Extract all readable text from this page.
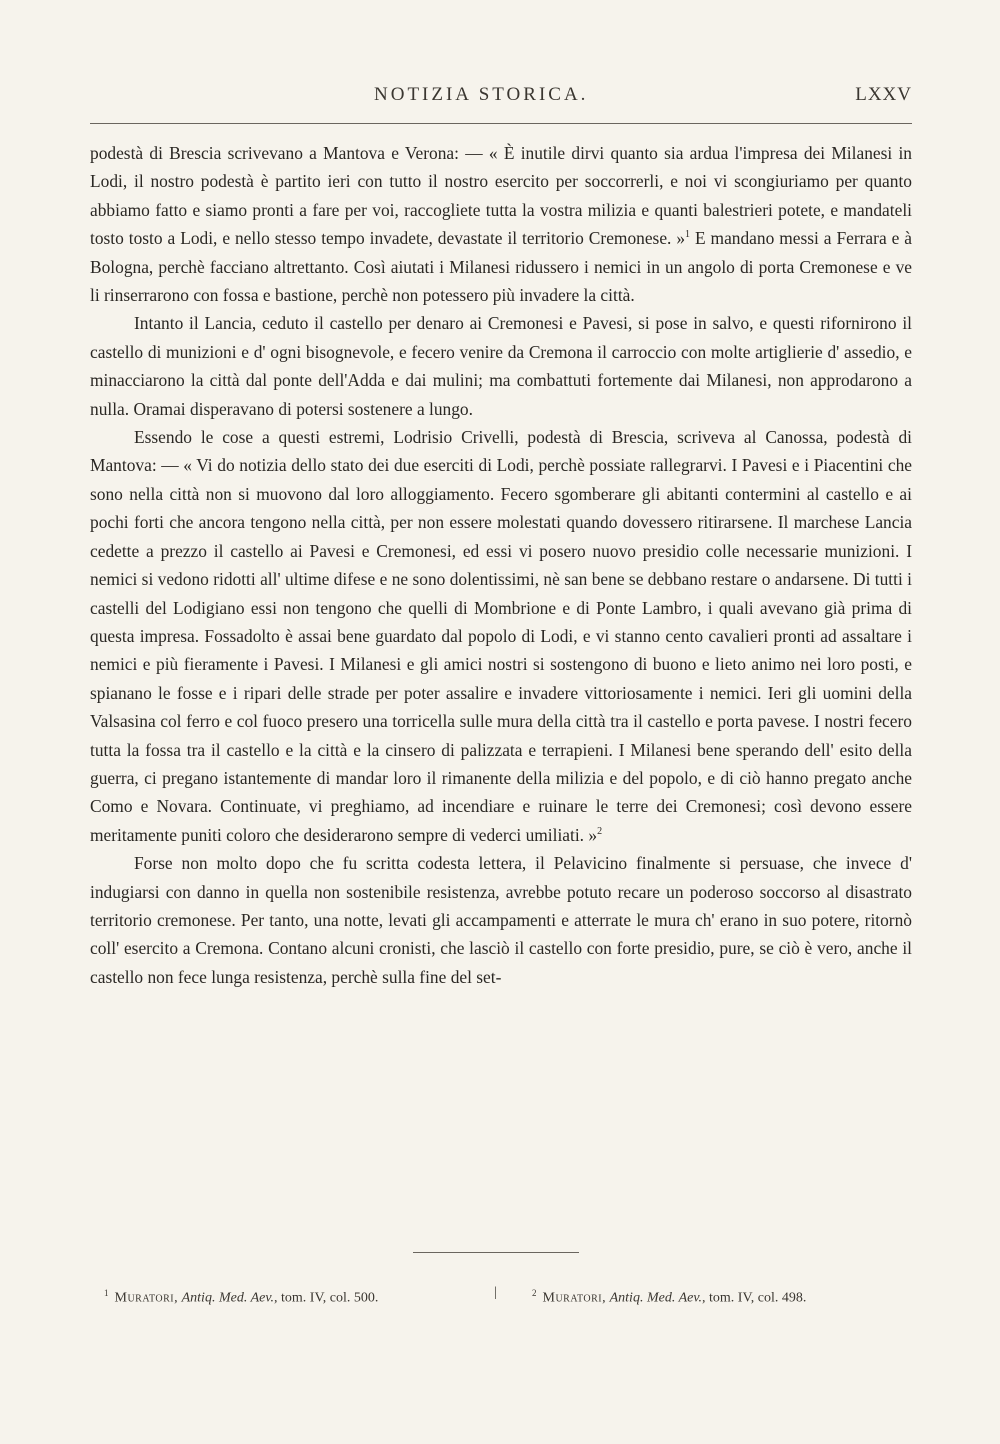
NOTIZIA STORICA.	LXXV

podestà di Brescia scrivevano a Mantova e Verona: — « È inutile dirvi quanto sia ardua l'impresa dei Milanesi in Lodi, il nostro podestà è partito ieri con tutto il nostro esercito per soccorrerli, e noi vi scongiuriamo per quanto abbiamo fatto e siamo pronti a fare per voi, raccogliete tutta la vostra milizia e quanti balestrieri potete, e mandateli tosto tosto a Lodi, e nello stesso tempo invadete, devastate il territorio Cremonese. »$^1$ E mandano messi a Ferrara e à Bologna, perchè facciano altrettanto. Così aiutati i Milanesi ridussero i nemici in un angolo di porta Cremonese e ve li rinserrarono con fossa e bastione, perchè non potessero più invadere la città.

Intanto il Lancia, ceduto il castello per denaro ai Cremonesi e Pavesi, si pose in salvo, e questi rifornirono il castello di munizioni e d' ogni bisognevole, e fecero venire da Cremona il carroccio con molte artiglierie d' assedio, e minacciarono la città dal ponte dell'Adda e dai mulini; ma combattuti fortemente dai Milanesi, non approdarono a nulla. Oramai disperavano di potersi sostenere a lungo.

Essendo le cose a questi estremi, Lodrisio Crivelli, podestà di Brescia, scriveva al Canossa, podestà di Mantova: — « Vi do notizia dello stato dei due eserciti di Lodi, perchè possiate rallegrarvi. I Pavesi e i Piacentini che sono nella città non si muovono dal loro alloggiamento. Fecero sgomberare gli abitanti contermini al castello e ai pochi forti che ancora tengono nella città, per non essere molestati quando dovessero ritirarsene. Il marchese Lancia cedette a prezzo il castello ai Pavesi e Cremonesi, ed essi vi posero nuovo presidio colle necessarie munizioni. I nemici si vedono ridotti all' ultime difese e ne sono dolentissimi, nè san bene se debbano restare o andarsene. Di tutti i castelli del Lodigiano essi non tengono che quelli di Mombrione e di Ponte Lambro, i quali avevano già prima di questa impresa. Fossadolto è assai bene guardato dal popolo di Lodi, e vi stanno cento cavalieri pronti ad assaltare i nemici e più fieramente i Pavesi. I Milanesi e gli amici nostri si sostengono di buono e lieto animo nei loro posti, e spianano le fosse e i ripari delle strade per poter assalire e invadere vittoriosamente i nemici. Ieri gli uomini della Valsasina col ferro e col fuoco presero una torricella sulle mura della città tra il castello e porta pavese. I nostri fecero tutta la fossa tra il castello e la città e la cinsero di palizzata e terrapieni. I Milanesi bene sperando dell' esito della guerra, ci pregano istantemente di mandar loro il rimanente della milizia e del popolo, e di ciò hanno pregato anche Como e Novara. Continuate, vi preghiamo, ad incendiare e ruinare le terre dei Cremonesi; così devono essere meritamente puniti coloro che desiderarono sempre di vederci umiliati. »$^2$

Forse non molto dopo che fu scritta codesta lettera, il Pelavicino finalmente si persuase, che invece d' indugiarsi con danno in quella non sostenibile resistenza, avrebbe potuto recare un poderoso soccorso al disastrato territorio cremonese. Per tanto, una notte, levati gli accampamenti e atterrate le mura ch' erano in suo potere, ritornò coll' esercito a Cremona. Contano alcuni cronisti, che lasciò il castello con forte presidio, pure, se ciò è vero, anche il castello non fece lunga resistenza, perchè sulla fine del set-

$^1$ Muratori, Antiq. Med. Aev., tom. IV, col. 500.	|	$^2$ Muratori, Antiq. Med. Aev., tom. IV, col. 498.
